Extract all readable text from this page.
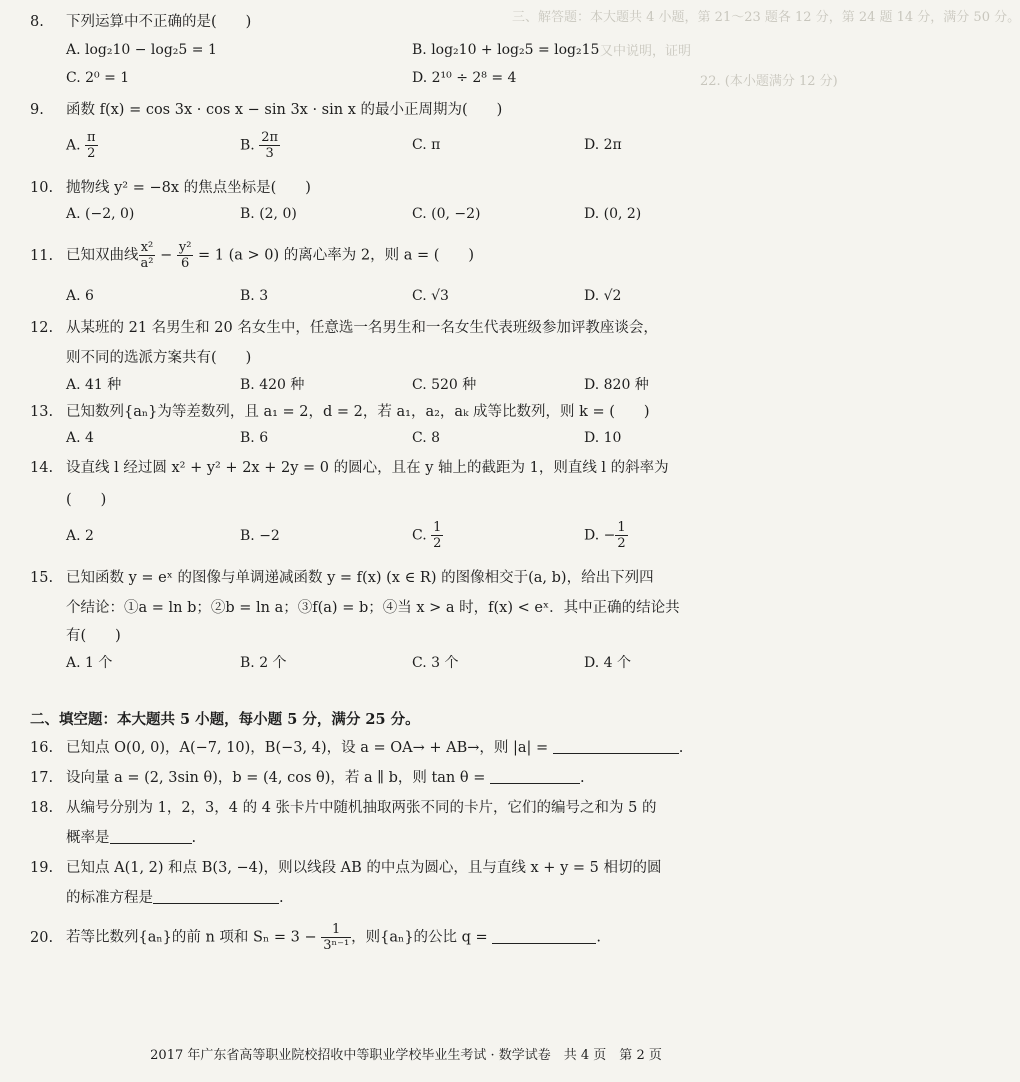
三、解答题：本大题共 4 小题，第 21～23 题各 12 分，第 24 题 14 分，满分 50 分。
又中说明，证明
22. (本小题满分 12 分)
8. 下列运算中不正确的是(　　)
A. log₂10 − log₂5 = 1	B. log₂10 + log₂5 = log₂15
C. 2⁰ = 1	D. 2¹⁰ ÷ 2⁸ = 4
9. 函数 f(x) = cos 3x · cos x − sin 3x · sin x 的最小正周期为(　　)
A. $\frac{\pi}{2}$	B. $\frac{2\pi}{3}$	C. π	D. 2π
10. 抛物线 y² = −8x 的焦点坐标是(　　)
A. (−2, 0)	B. (2, 0)	C. (0, −2)	D. (0, 2)
11. 已知双曲线 $\frac{\text{x²}}{\text{a²}} - \frac{\text{y²}}{6} = 1$ (a > 0) 的离心率为 2，则 a = (　　)
A. 6	B. 3	C. √3	D. √2
12. 从某班的 21 名男生和 20 名女生中，任意选一名男生和一名女生代表班级参加评教座谈会，
则不同的选派方案共有(　　)
A. 41 种	B. 420 种	C. 520 种	D. 820 种
13. 已知数列{aₙ}为等差数列，且 a₁ = 2，d = 2，若 a₁，a₂，aₖ 成等比数列，则 k = (　　)
A. 4	B. 6	C. 8	D. 10
14. 设直线 l 经过圆 x² + y² + 2x + 2y = 0 的圆心，且在 y 轴上的截距为 1，则直线 l 的斜率为
(　　)
A. 2	B. −2	C. $\frac{1}{2}$	D. − $\frac{1}{2}$
15. 已知函数 y = eˣ 的图像与单调递减函数 y = f(x) (x ∈ R) 的图像相交于(a, b)，给出下列四
个结论：①a = ln b；②b = ln a；③f(a) = b；④当 x > a 时，f(x) < eˣ．其中正确的结论共
有(　　)
A. 1 个	B. 2 个	C. 3 个	D. 4 个
二、填空题：本大题共 5 小题，每小题 5 分，满分 25 分。
16. 已知点 O(0, 0)，A(−7, 10)，B(−3, 4)，设 a = OA→ + AB→，则 |a| =	.
17. 设向量 a = (2, 3sin θ)，b = (4, cos θ)，若 a ∥ b，则 tan θ =	.
18. 从编号分别为 1，2，3，4 的 4 张卡片中随机抽取两张不同的卡片，它们的编号之和为 5 的
概率是	.
19. 已知点 A(1, 2) 和点 B(3, −4)，则以线段 AB 的中点为圆心，且与直线 x + y = 5 相切的圆
的标准方程是	.
20. 若等比数列{aₙ}的前 n 项和 $S_n = 3 - \frac{1}{\text{3ⁿ⁻¹}}$ ，则{aₙ}的公比 q =	.
2017 年广东省高等职业院校招收中等职业学校毕业生考试 · 数学试卷　共 4 页　第 2 页
